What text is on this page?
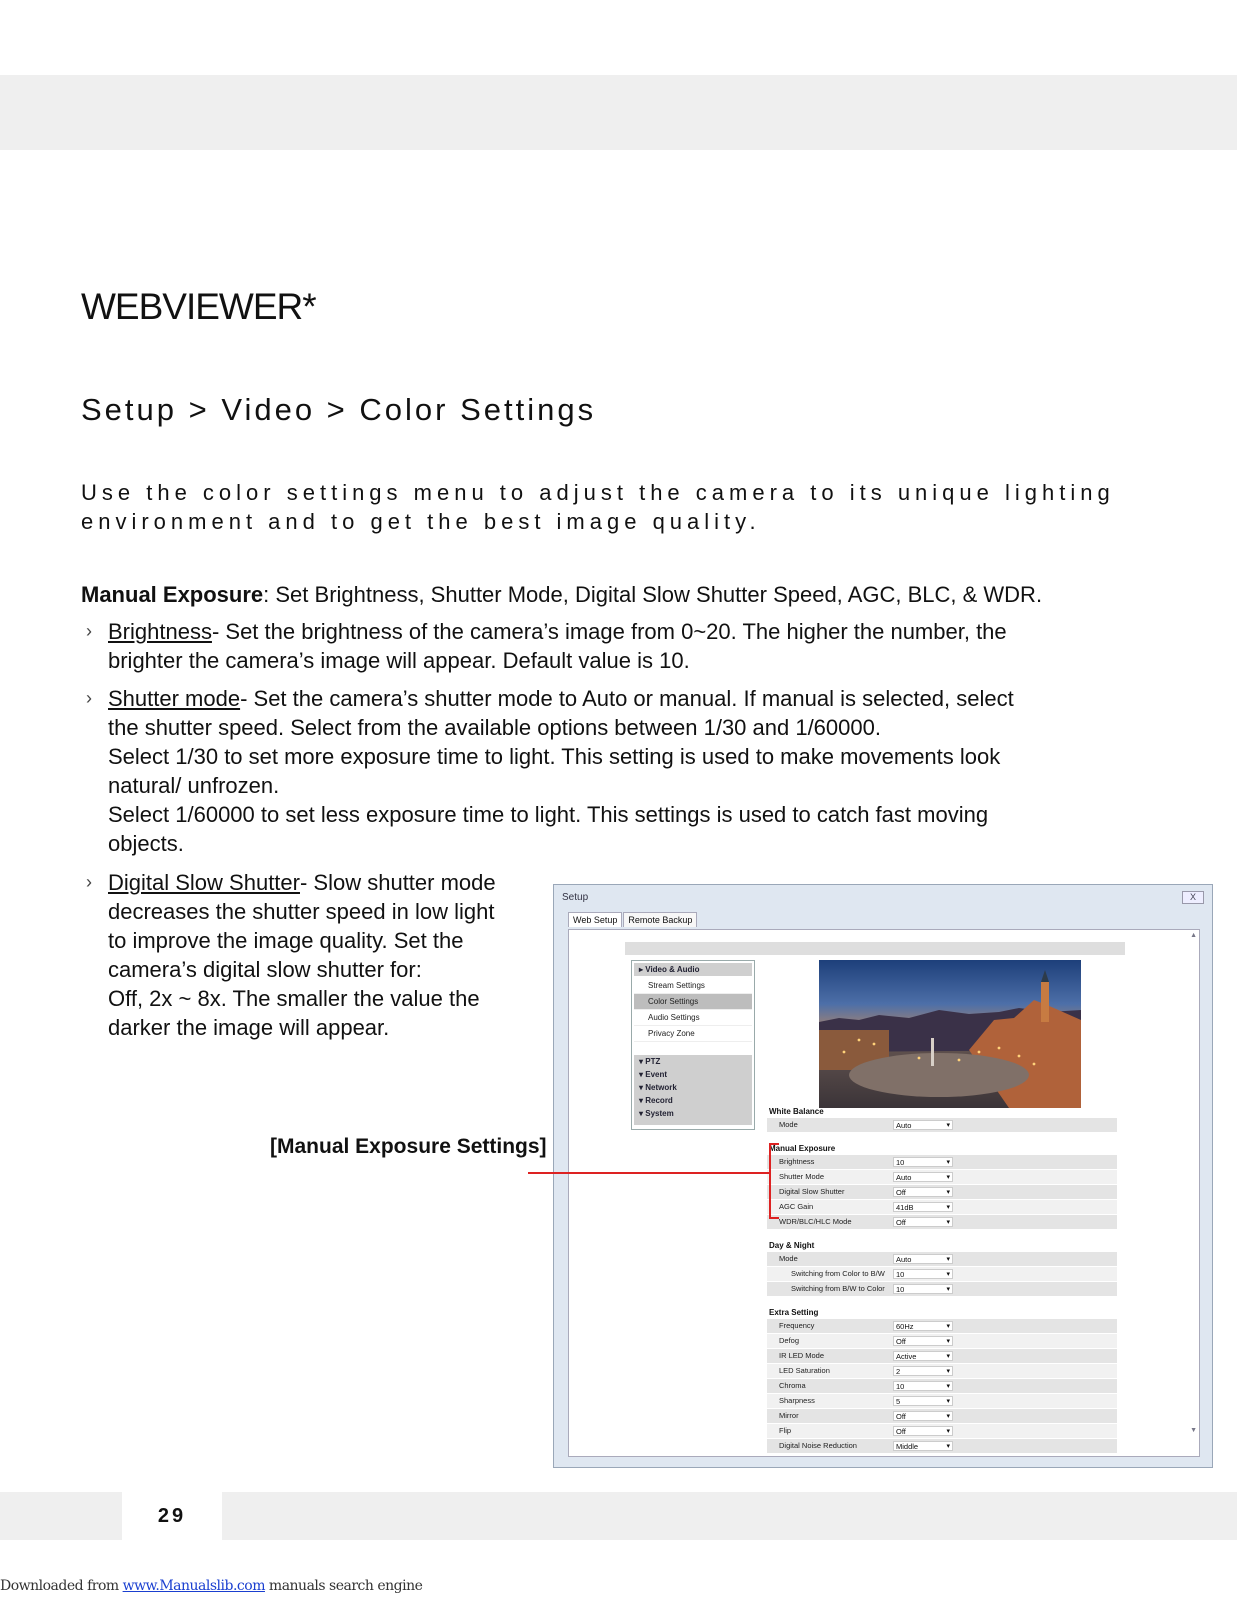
WEBVIEWER*
Setup > Video > Color Settings
Use the color settings menu to adjust the camera to its unique lighting
environment and to get the best image quality.
Manual Exposure: Set Brightness, Shutter Mode, Digital Slow Shutter Speed, AGC, BLC, & WDR.
› Brightness- Set the brightness of the camera’s image from 0~20. The higher the number, the
brighter the camera’s image will appear. Default value is 10.
› Shutter mode- Set the camera’s shutter mode to Auto or manual. If manual is selected, select
the shutter speed. Select from the available options between 1/30 and 1/60000.
Select 1/30 to set more exposure time to light. This setting is used to make movements look
natural/ unfrozen.
Select 1/60000 to set less exposure time to light. This settings is used to catch fast moving
objects.
› Digital Slow Shutter- Slow shutter mode
decreases the shutter speed in low light
to improve the image quality. Set the
camera’s digital slow shutter for:
Off, 2x ~ 8x. The smaller the value the
darker the image will appear.
[Manual Exposure Settings]
Setup	X
Web Setup Remote Backup
▲
▼
▸ Video & Audio
Stream Settings
Color Settings
Audio Settings
Privacy Zone
▾ PTZ
▾ Event
▾ Network
▾ Record
▾ System	White Balance
Mode	Auto ▾
Manual Exposure
Brightness	10 ▾
Shutter Mode	Auto ▾
Digital Slow Shutter	Off ▾
AGC Gain	41dB ▾
WDR/BLC/HLC Mode	Off ▾
Day & Night
Mode	Auto ▾
Switching from Color to B/W	10 ▾
Switching from B/W to Color	10 ▾
Extra Setting
Frequency	60Hz ▾
Defog	Off ▾
IR LED Mode	Active ▾
LED Saturation	2 ▾
Chroma	10 ▾
Sharpness	5 ▾
Mirror	Off ▾
Flip	Off ▾
Digital Noise Reduction	Middle ▾
29
Downloaded from www.Manualslib.com manuals search engine
